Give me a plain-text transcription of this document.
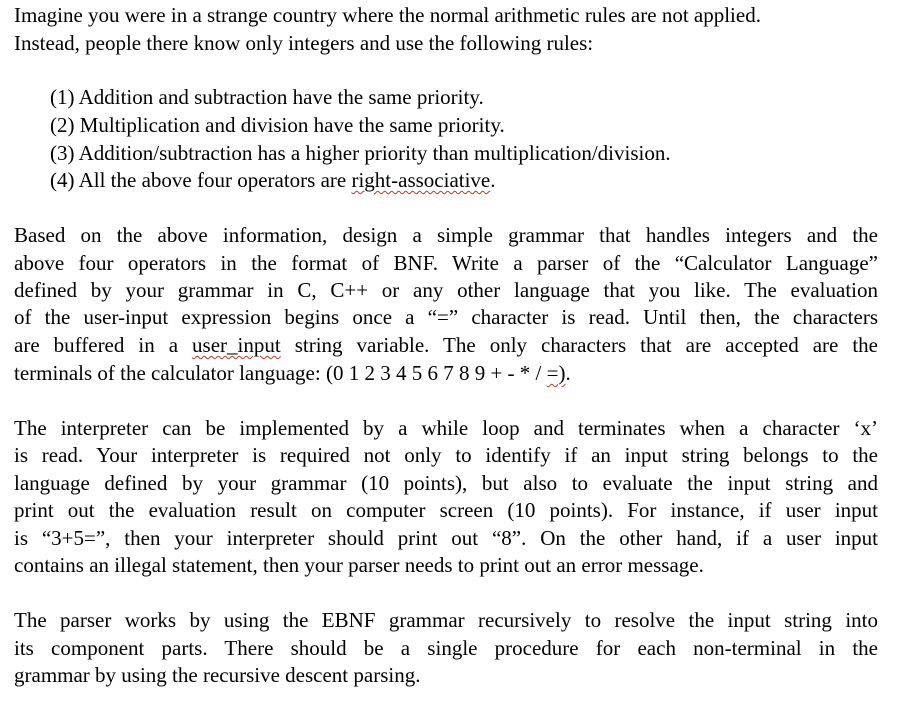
Imagine you were in a strange country where the normal arithmetic rules are not applied.
Instead, people there know only integers and use the following rules:
(1) Addition and subtraction have the same priority.
(2) Multiplication and division have the same priority.
(3) Addition/subtraction has a higher priority than multiplication/division.
(4) All the above four operators are right-associative.
Based on the above information, design a simple grammar that handles integers and the
above four operators in the format of BNF. Write a parser of the “Calculator Language”
defined by your grammar in C, C++ or any other language that you like. The evaluation
of the user-input expression begins once a “=” character is read. Until then, the characters
are buffered in a user_input string variable. The only characters that are accepted are the
terminals of the calculator language: (0 1 2 3 4 5 6 7 8 9 + - * / =).
The interpreter can be implemented by a while loop and terminates when a character ‘x’
is read. Your interpreter is required not only to identify if an input string belongs to the
language defined by your grammar (10 points), but also to evaluate the input string and
print out the evaluation result on computer screen (10 points). For instance, if user input
is “3+5=”, then your interpreter should print out “8”. On the other hand, if a user input
contains an illegal statement, then your parser needs to print out an error message.
The parser works by using the EBNF grammar recursively to resolve the input string into
its component parts. There should be a single procedure for each non-terminal in the
grammar by using the recursive descent parsing.
